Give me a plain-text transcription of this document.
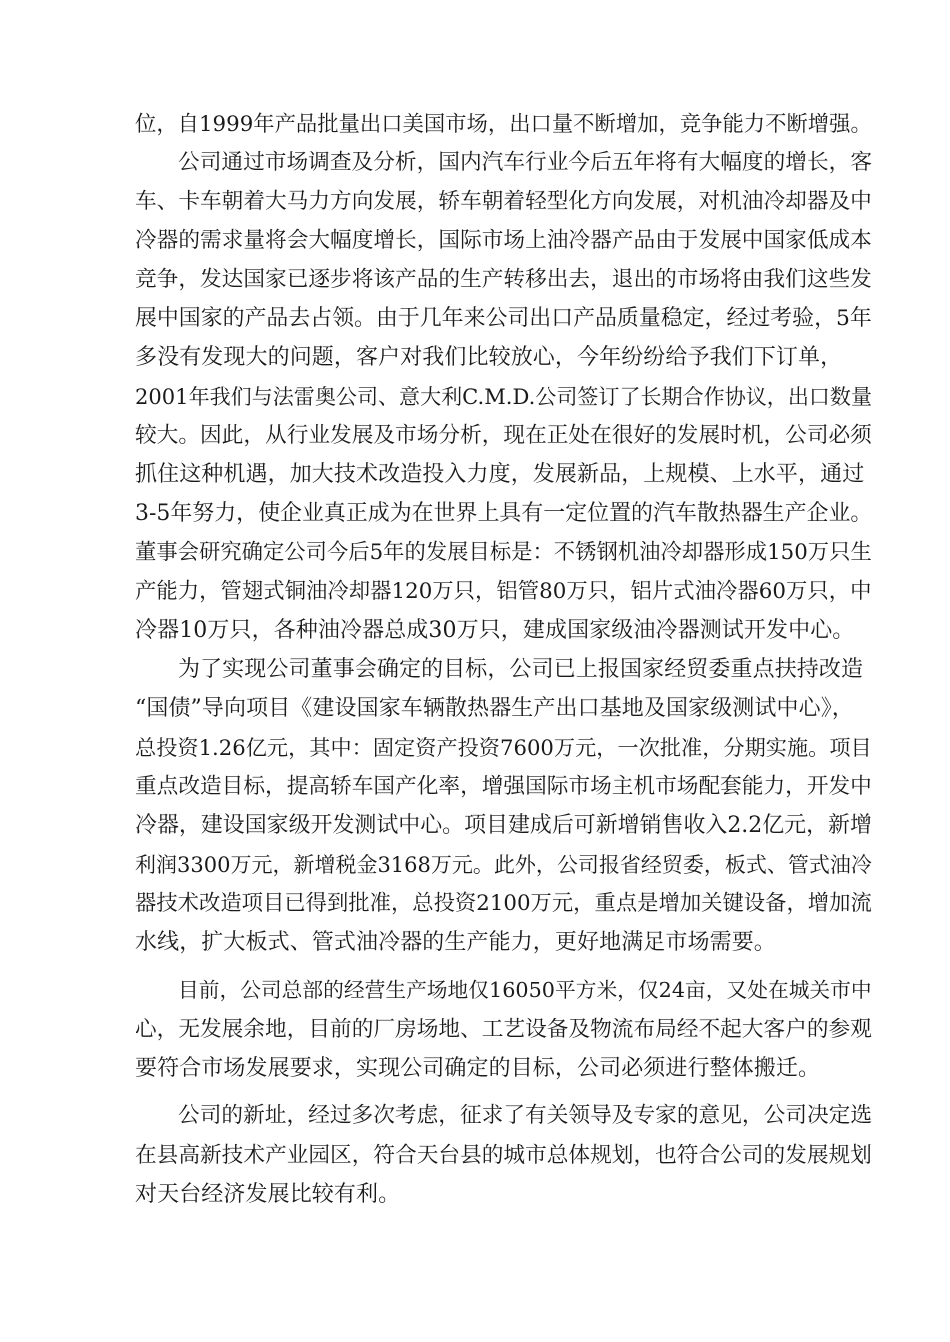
位，自1999年产品批量出口美国市场，出口量不断增加，竞争能力不断增强。
公司通过市场调查及分析，国内汽车行业今后五年将有大幅度的增长，客
车、卡车朝着大马力方向发展，轿车朝着轻型化方向发展，对机油冷却器及中
冷器的需求量将会大幅度增长，国际市场上油冷器产品由于发展中国家低成本
竞争，发达国家已逐步将该产品的生产转移出去，退出的市场将由我们这些发
展中国家的产品去占领。由于几年来公司出口产品质量稳定，经过考验，5年
多没有发现大的问题，客户对我们比较放心，今年纷纷给予我们下订单，
2001年我们与法雷奥公司、意大利C.M.D.公司签订了长期合作协议，出口数量
较大。因此，从行业发展及市场分析，现在正处在很好的发展时机，公司必须
抓住这种机遇，加大技术改造投入力度，发展新品，上规模、上水平，通过
3-5年努力，使企业真正成为在世界上具有一定位置的汽车散热器生产企业。
董事会研究确定公司今后5年的发展目标是：不锈钢机油冷却器形成150万只生
产能力，管翅式铜油冷却器120万只，铝管80万只，铝片式油冷器60万只，中
冷器10万只，各种油冷器总成30万只，建成国家级油冷器测试开发中心。
为了实现公司董事会确定的目标，公司已上报国家经贸委重点扶持改造
“国债”导向项目《建设国家车辆散热器生产出口基地及国家级测试中心》，
总投资1.26亿元，其中：固定资产投资7600万元，一次批准，分期实施。项目
重点改造目标，提高轿车国产化率，增强国际市场主机市场配套能力，开发中
冷器，建设国家级开发测试中心。项目建成后可新增销售收入2.2亿元，新增
利润3300万元，新增税金3168万元。此外，公司报省经贸委，板式、管式油冷
器技术改造项目已得到批准，总投资2100万元，重点是增加关键设备，增加流
水线，扩大板式、管式油冷器的生产能力，更好地满足市场需要。
目前，公司总部的经营生产场地仅16050平方米，仅24亩，又处在城关市中
心，无发展余地，目前的厂房场地、工艺设备及物流布局经不起大客户的参观
要符合市场发展要求，实现公司确定的目标，公司必须进行整体搬迁。
公司的新址，经过多次考虑，征求了有关领导及专家的意见，公司决定选
在县高新技术产业园区，符合天台县的城市总体规划，也符合公司的发展规划
对天台经济发展比较有利。
